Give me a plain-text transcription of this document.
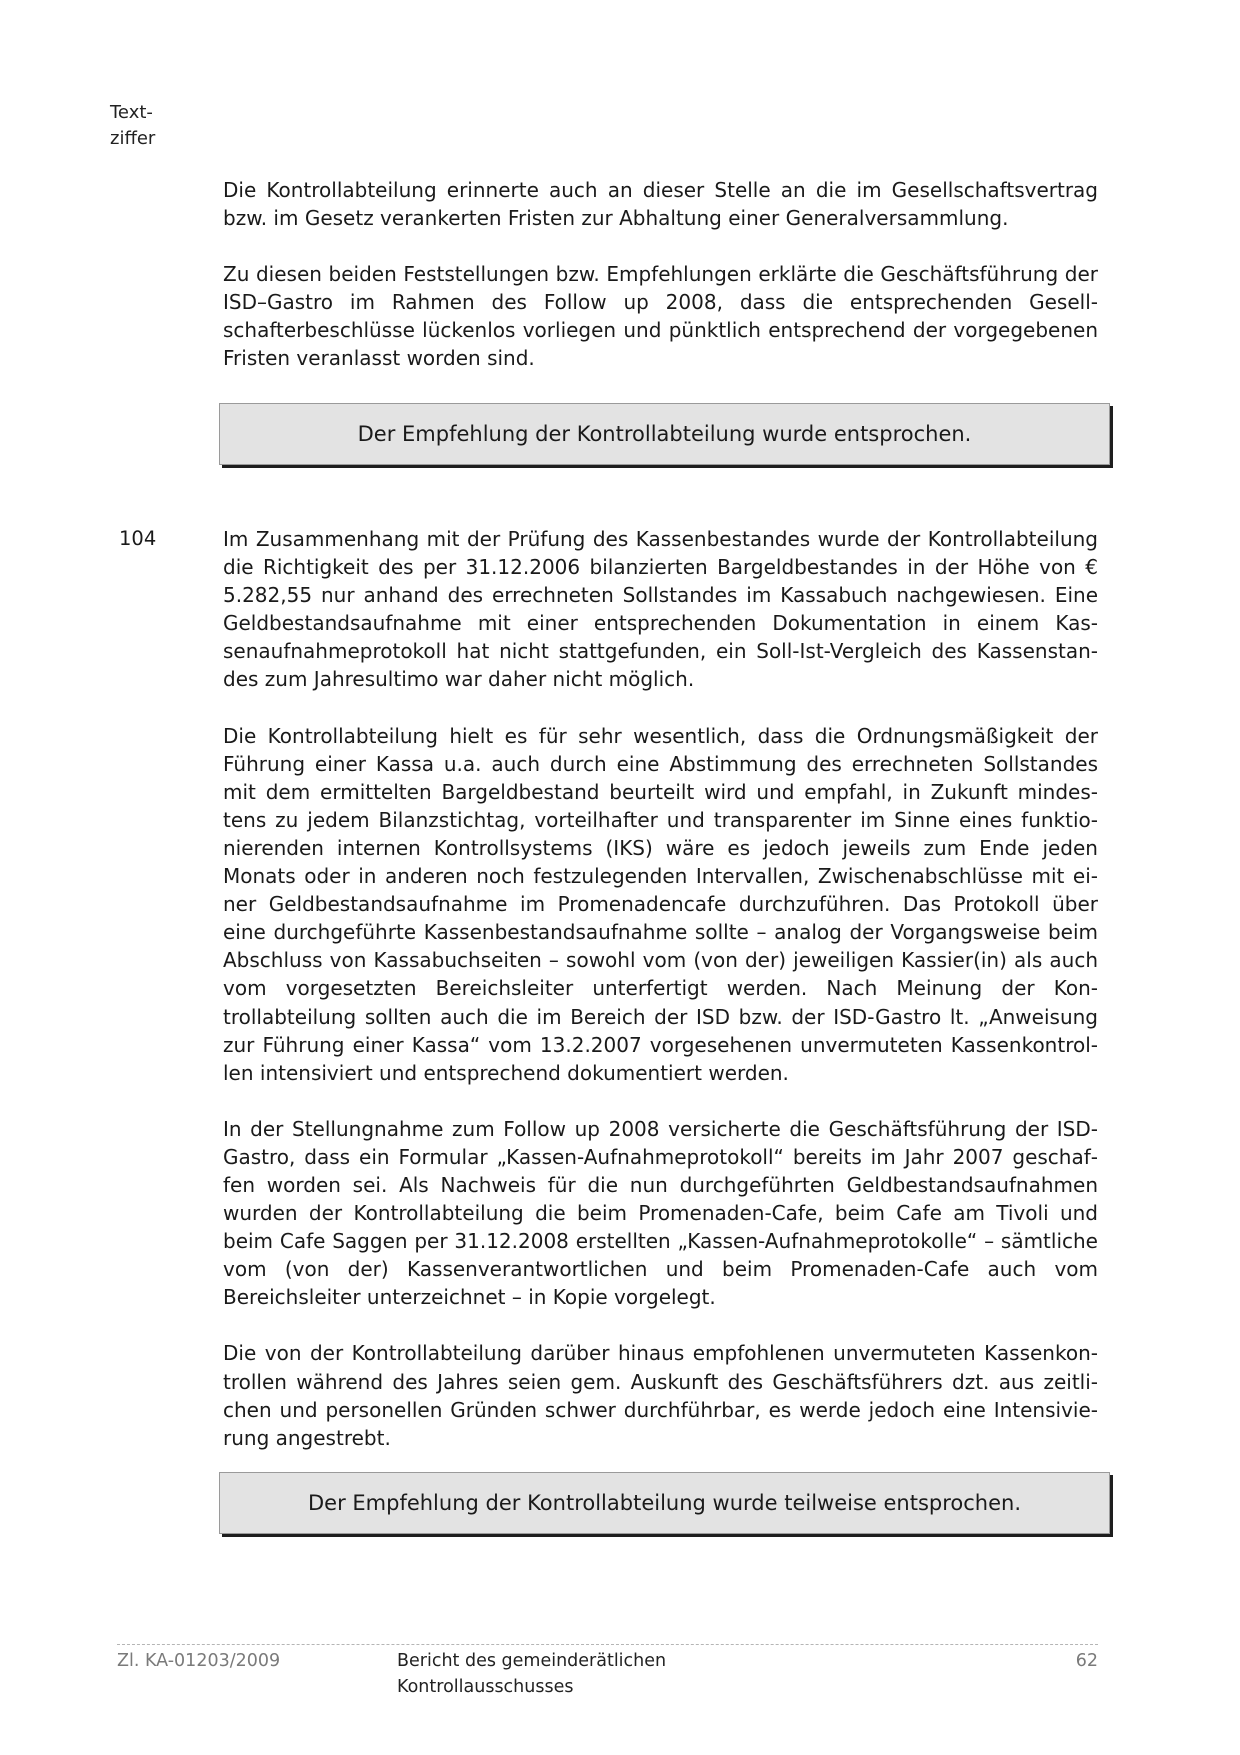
Text-
ziffer

Die Kontrollabteilung erinnerte auch an dieser Stelle an die im Gesellschaftsvertrag bzw. im Gesetz verankerten Fristen zur Abhaltung einer Generalversammlung.

Zu diesen beiden Feststellungen bzw. Empfehlungen erklärte die Geschäftsführung der ISD–Gastro im Rahmen des Follow up 2008, dass die entsprechenden Gesellschafterbeschlüsse lückenlos vorliegen und pünktlich entsprechend der vorgegebenen Fristen veranlasst worden sind.

Der Empfehlung der Kontrollabteilung wurde entsprochen.
104	Im Zusammenhang mit der Prüfung des Kassenbestandes wurde der Kontrollabteilung die Richtigkeit des per 31.12.2006 bilanzierten Bargeldbestandes in der Höhe von € 5.282,55 nur anhand des errechneten Sollstandes im Kassabuch nachgewiesen. Eine Geldbestandsaufnahme mit einer entsprechenden Dokumentation in einem Kassenaufnahmeprotokoll hat nicht stattgefunden, ein Soll-Ist-Vergleich des Kassenstandes zum Jahresultimo war daher nicht möglich.

Die Kontrollabteilung hielt es für sehr wesentlich, dass die Ordnungsmäßigkeit der Führung einer Kassa u.a. auch durch eine Abstimmung des errechneten Sollstandes mit dem ermittelten Bargeldbestand beurteilt wird und empfahl, in Zukunft mindestens zu jedem Bilanzstichtag, vorteilhafter und transparenter im Sinne eines funktionierenden internen Kontrollsystems (IKS) wäre es jedoch jeweils zum Ende jeden Monats oder in anderen noch festzulegenden Intervallen, Zwischenabschlüsse mit einer Geldbestandsaufnahme im Promenadencafe durchzuführen. Das Protokoll über eine durchgeführte Kassenbestandsaufnahme sollte – analog der Vorgangsweise beim Abschluss von Kassabuchseiten – sowohl vom (von der) jeweiligen Kassier(in) als auch vom vorgesetzten Bereichsleiter unterfertigt werden. Nach Meinung der Kontrollabteilung sollten auch die im Bereich der ISD bzw. der ISD-Gastro lt. „Anweisung zur Führung einer Kassa“ vom 13.2.2007 vorgesehenen unvermuteten Kassenkontrollen intensiviert und entsprechend dokumentiert werden.

In der Stellungnahme zum Follow up 2008 versicherte die Geschäftsführung der ISD-Gastro, dass ein Formular „Kassen-Aufnahmeprotokoll“ bereits im Jahr 2007 geschaffen worden sei. Als Nachweis für die nun durchgeführten Geldbestandsaufnahmen wurden der Kontrollabteilung die beim Promenaden-Cafe, beim Cafe am Tivoli und beim Cafe Saggen per 31.12.2008 erstellten „Kassen-Aufnahmeprotokolle“ – sämtliche vom (von der) Kassenverantwortlichen und beim Promenaden-Cafe auch vom Bereichsleiter unterzeichnet – in Kopie vorgelegt.

Die von der Kontrollabteilung darüber hinaus empfohlenen unvermuteten Kassenkontrollen während des Jahres seien gem. Auskunft des Geschäftsführers dzt. aus zeitlichen und personellen Gründen schwer durchführbar, es werde jedoch eine Intensivierung angestrebt.

Der Empfehlung der Kontrollabteilung wurde teilweise entsprochen.
Zl. KA-01203/2009	Bericht des gemeinderätlichen Kontrollausschusses
62
